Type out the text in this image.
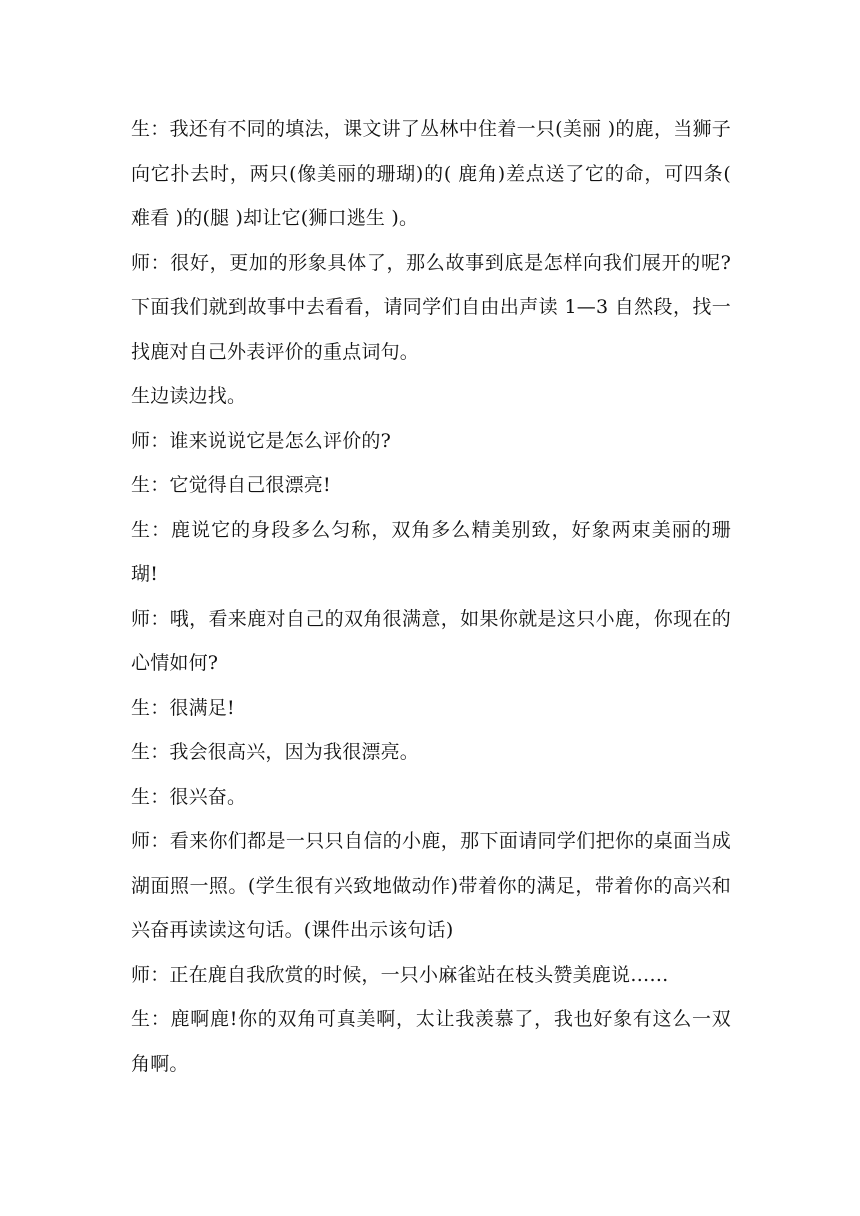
生：我还有不同的填法，课文讲了丛林中住着一只(美丽 )的鹿，当狮子向它扑去时，两只(像美丽的珊瑚)的( 鹿角)差点送了它的命，可四条( 难看 )的(腿 )却让它(狮口逃生 )。

师：很好，更加的形象具体了，那么故事到底是怎样向我们展开的呢?下面我们就到故事中去看看，请同学们自由出声读 1—3 自然段，找一找鹿对自己外表评价的重点词句。

生边读边找。

师：谁来说说它是怎么评价的?

生：它觉得自己很漂亮!

生：鹿说它的身段多么匀称，双角多么精美别致，好象两束美丽的珊瑚!

师：哦，看来鹿对自己的双角很满意，如果你就是这只小鹿，你现在的心情如何?

生：很满足!

生：我会很高兴，因为我很漂亮。

生：很兴奋。

师：看来你们都是一只只自信的小鹿，那下面请同学们把你的桌面当成湖面照一照。(学生很有兴致地做动作)带着你的满足，带着你的高兴和兴奋再读读这句话。(课件出示该句话)

师：正在鹿自我欣赏的时候，一只小麻雀站在枝头赞美鹿说……

生：鹿啊鹿!你的双角可真美啊，太让我羡慕了，我也好象有这么一双角啊。
